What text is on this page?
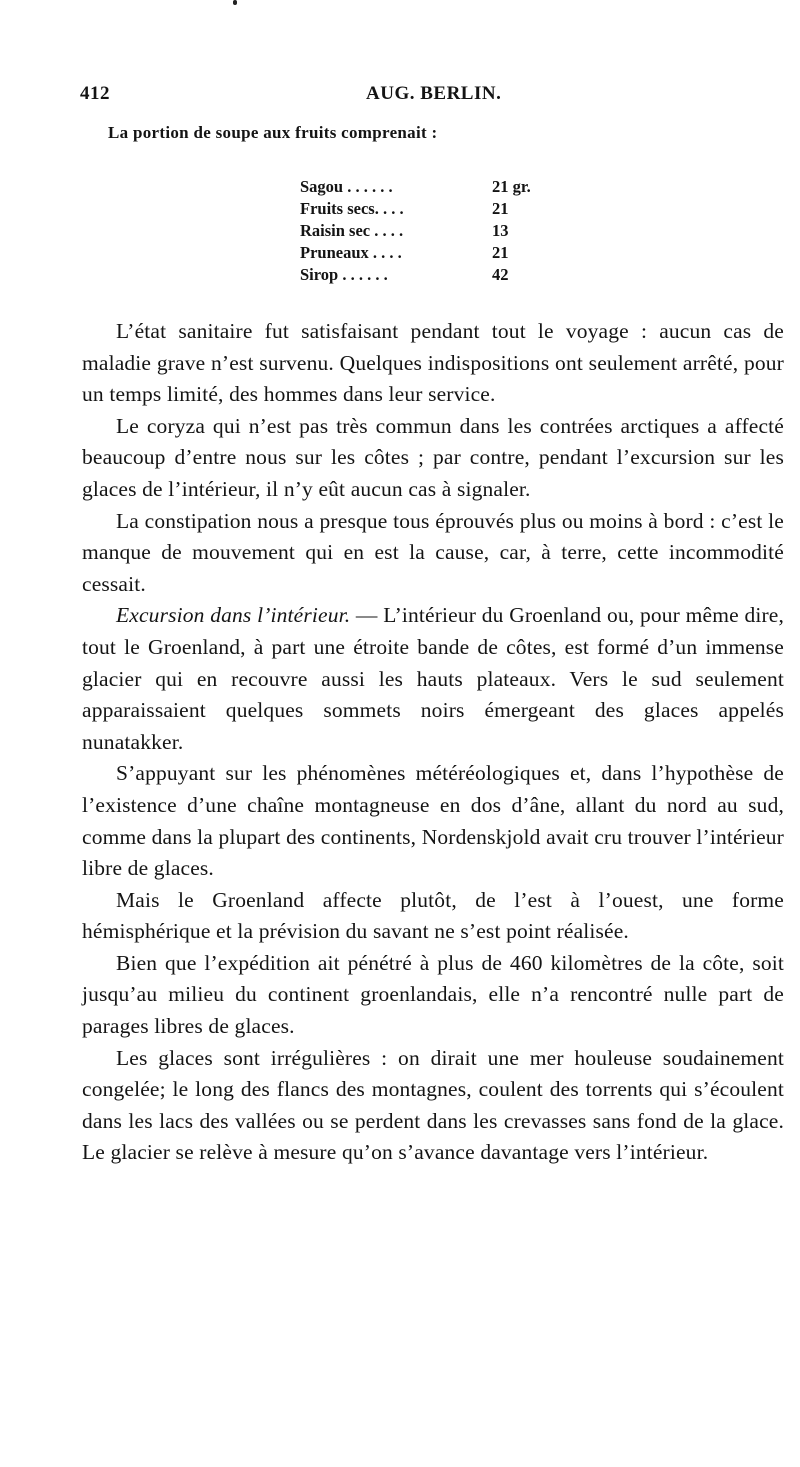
412	AUG. BERLIN.
La portion de soupe aux fruits comprenait :
Sagou . . . . . .	21 gr.
Fruits secs. . . .	21
Raisin sec . . . .	13
Pruneaux . . . .	21
Sirop . . . . . .	42

L’état sanitaire fut satisfaisant pendant tout le voyage : aucun cas de maladie grave n’est survenu. Quelques indispositions ont seulement arrêté, pour un temps limité, des hommes dans leur service.

Le coryza qui n’est pas très commun dans les contrées arctiques a affecté beaucoup d’entre nous sur les côtes ; par contre, pendant l’excursion sur les glaces de l’intérieur, il n’y eût aucun cas à signaler.

La constipation nous a presque tous éprouvés plus ou moins à bord : c’est le manque de mouvement qui en est la cause, car, à terre, cette incommodité cessait.

Excursion dans l’intérieur. — L’intérieur du Groenland ou, pour même dire, tout le Groenland, à part une étroite bande de côtes, est formé d’un immense glacier qui en recouvre aussi les hauts plateaux. Vers le sud seulement apparaissaient quelques sommets noirs émergeant des glaces appelés nunatakker.

S’appuyant sur les phénomènes météréologiques et, dans l’hypothèse de l’existence d’une chaîne montagneuse en dos d’âne, allant du nord au sud, comme dans la plupart des continents, Nordenskjold avait cru trouver l’intérieur libre de glaces.

Mais le Groenland affecte plutôt, de l’est à l’ouest, une forme hémisphérique et la prévision du savant ne s’est point réalisée.

Bien que l’expédition ait pénétré à plus de 460 kilomètres de la côte, soit jusqu’au milieu du continent groenlandais, elle n’a rencontré nulle part de parages libres de glaces.

Les glaces sont irrégulières : on dirait une mer houleuse soudainement congelée; le long des flancs des montagnes, coulent des torrents qui s’écoulent dans les lacs des vallées ou se perdent dans les crevasses sans fond de la glace. Le glacier se relève à mesure qu’on s’avance davantage vers l’intérieur.
